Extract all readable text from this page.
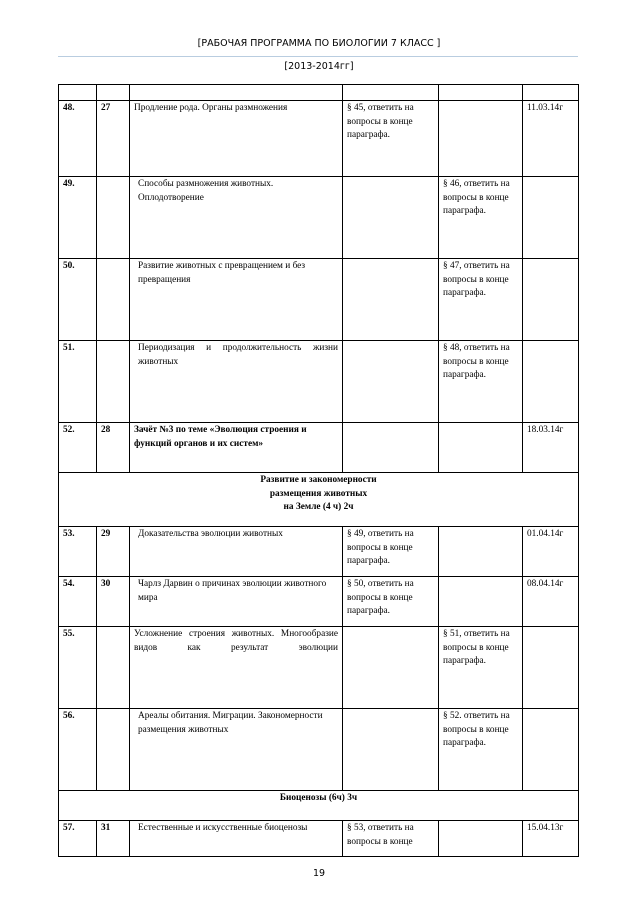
[РАБОЧАЯ ПРОГРАММА ПО БИОЛОГИИ 7 КЛАСС ]
[2013-2014гг]

48.	27	Продление рода. Органы размножения	§ 45, ответить на вопросы в конце параграфа.		11.03.14г
49.		Способы размножения животных. Оплодотворение		§ 46, ответить на вопросы в конце параграфа.	
50.		Развитие животных с превращением и без превращения		§ 47, ответить на вопросы в конце параграфа.	
51.		Периодизация и продолжительность жизни животных		§ 48, ответить на вопросы в конце параграфа.	
52.	28	Зачёт №3 по теме «Эволюция строения и функций органов и их систем»			18.03.14г

Развитие и закономерности
размещения животных
на Земле (4 ч) 2ч					

53.	29	Доказательства эволюции животных	§ 49, ответить на вопросы в конце параграфа.		01.04.14г
54.	30	Чарлз Дарвин о причинах эволюции животного мира	§ 50, ответить на вопросы в конце параграфа.		08.04.14г
55.		Усложнение строения животных. Многообразие видов как результат эволюции		§ 51, ответить на вопросы в конце параграфа.	
56.		Ареалы обитания. Миграции. Закономерности размещения животных		§ 52. ответить на вопросы в конце параграфа.	

Биоценозы (6ч) 3ч					

57.	31	Естественные и искусственные биоценозы	§ 53, ответить на вопросы в конце		15.04.13г
19
